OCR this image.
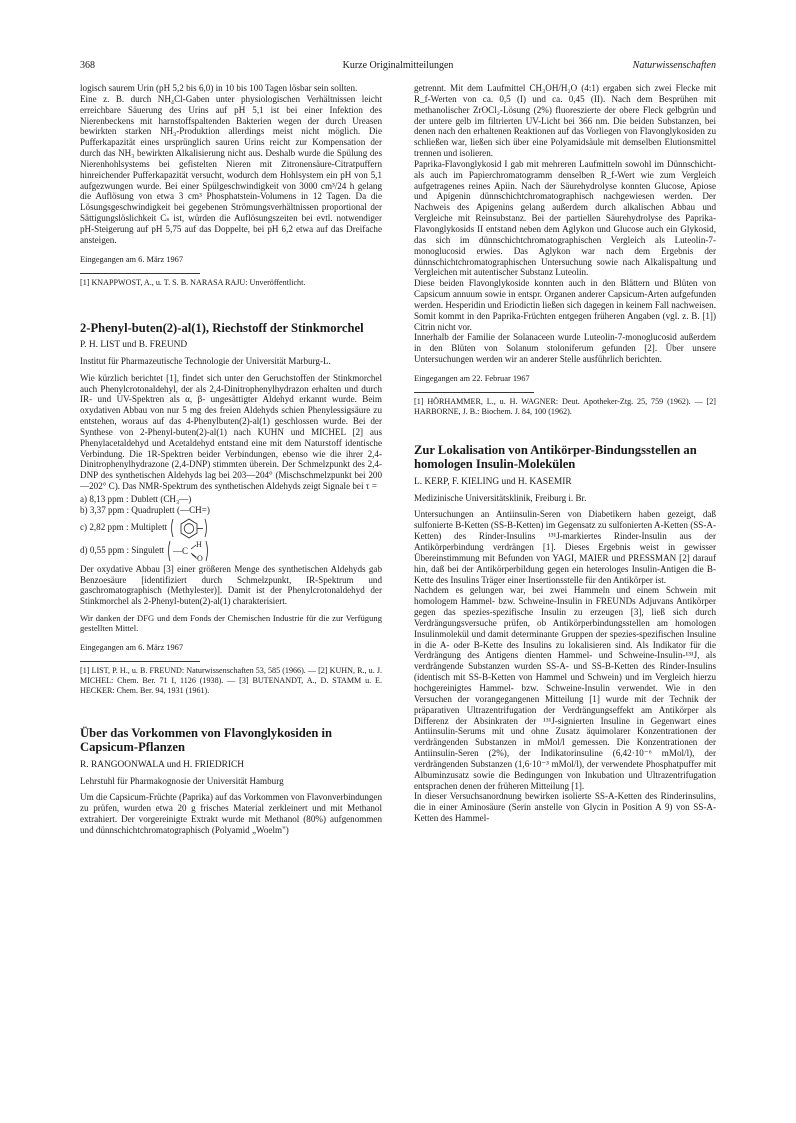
368	Kurze Originalmitteilungen	Naturwissenschaften

logisch saurem Urin (pH 5,2 bis 6,0) in 10 bis 100 Tagen lösbar sein sollten.

Eine z. B. durch NH₄Cl-Gaben unter physiologischen Verhältnissen leicht erreichbare Säuerung des Urins auf pH 5,1 ist bei einer Infektion des Nierenbeckens mit harnstoffspaltenden Bakterien wegen der durch Ureasen bewirkten starken NH₃-Produktion allerdings meist nicht möglich. Die Pufferkapazität eines ursprünglich sauren Urins reicht zur Kompensation der durch das NH₃ bewirkten Alkalisierung nicht aus. Deshalb wurde die Spülung des Nierenhohlsystems bei gefistelten Nieren mit Zitronensäure-Citratpuffern hinreichender Pufferkapazität versucht, wodurch dem Hohlsystem ein pH von 5,1 aufgezwungen wurde. Bei einer Spülgeschwindigkeit von 3000 cm³/24 h gelang die Auflösung von etwa 3 cm³ Phosphatstein-Volumens in 12 Tagen. Da die Lösungsgeschwindigkeit bei gegebenen Strömungsverhältnissen proportional der Sättigungslöslichkeit Cₛ ist, würden die Auflösungszeiten bei evtl. notwendiger pH-Steigerung auf pH 5,75 auf das Doppelte, bei pH 6,2 etwa auf das Dreifache ansteigen.

Eingegangen am 6. März 1967

[1] KNAPPWOST, A., u. T. S. B. NARASA RAJU: Unveröffentlicht.

2-Phenyl-buten(2)-al(1), Riechstoff der Stinkmorchel

P. H. LIST und B. FREUND

Institut für Pharmazeutische Technologie der Universität Marburg-L.

Wie kürzlich berichtet [1], findet sich unter den Geruchstoffen der Stinkmorchel auch Phenylcrotonaldehyl, der als 2,4-Dinitrophenylhydrazon erhalten und durch IR- und UV-Spektren als α, β- ungesättigter Aldehyd erkannt wurde. Beim oxydativen Abbau von nur 5 mg des freien Aldehyds schien Phenylessigsäure zu entstehen, woraus auf das 4-Phenylbuten(2)-al(1) geschlossen wurde. Bei der Synthese von 2-Phenyl-buten(2)-al(1) nach KUHN und MICHEL [2] aus Phenylacetaldehyd und Acetaldehyd entstand eine mit dem Naturstoff identische Verbindung. Die 1R-Spektren beider Verbindungen, ebenso wie die ihrer 2,4-Dinitrophenylhydrazone (2,4-DNP) stimmten überein. Der Schmelzpunkt des 2,4-DNP des synthetischen Aldehyds lag bei 203—204° (Mischschmelzpunkt bei 200—202° C). Das NMR-Spektrum des synthetischen Aldehyds zeigt Signale bei τ =

a) 8,13 ppm : Dublett (CH₃—)

b) 3,37 ppm : Quadruplett (—CH=)

c) 2,82 ppm : Multiplett

d) 0,55 ppm : Singulett —C
H
O

Der oxydative Abbau [3] einer größeren Menge des synthetischen Aldehyds gab Benzoesäure [identifiziert durch Schmelzpunkt, IR-Spektrum und gaschromatographisch (Methylester)]. Damit ist der Phenylcrotonaldehyd der Stinkmorchel als 2-Phenyl-buten(2)-al(1) charakterisiert.

Wir danken der DFG und dem Fonds der Chemischen Industrie für die zur Verfügung gestellten Mittel.

Eingegangen am 6. März 1967

[1] LIST, P. H., u. B. FREUND: Naturwissenschaften 53, 585 (1966). — [2] KUHN, R., u. J. MICHEL: Chem. Ber. 71 I, 1126 (1938). — [3] BUTENANDT, A., D. STAMM u. E. HECKER: Chem. Ber. 94, 1931 (1961).

Über das Vorkommen von Flavonglykosiden in Capsicum-Pflanzen

R. RANGOONWALA und H. FRIEDRICH

Lehrstuhl für Pharmakognosie der Universität Hamburg

Um die Capsicum-Früchte (Paprika) auf das Vorkommen von Flavonverbindungen zu prüfen, wurden etwa 20 g frisches Material zerkleinert und mit Methanol extrahiert. Der vorgereinigte Extrakt wurde mit Methanol (80%) aufgenommen und dünnschichtchromatographisch (Polyamid „Woelm")

getrennt. Mit dem Laufmittel CH₃OH/H₂O (4:1) ergaben sich zwei Flecke mit R_f-Werten von ca. 0,5 (I) und ca. 0,45 (II). Nach dem Besprühen mit methanolischer ZrOCl₂-Lösung (2%) fluoreszierte der obere Fleck gelbgrün und der untere gelb im filtrierten UV-Licht bei 366 nm. Die beiden Substanzen, bei denen nach den erhaltenen Reaktionen auf das Vorliegen von Flavonglykosiden zu schließen war, ließen sich über eine Polyamidsäule mit demselben Elutionsmittel trennen und isolieren.

Paprika-Flavonglykosid I gab mit mehreren Laufmitteln sowohl im Dünnschicht- als auch im Papierchromatogramm denselben R_f-Wert wie zum Vergleich aufgetragenes reines Apiin. Nach der Säurehydrolyse konnten Glucose, Apiose und Apigenin dünnschichtchromatographisch nachgewiesen werden. Der Nachweis des Apigenins gelang außerdem durch alkalischen Abbau und Vergleiche mit Reinsubstanz. Bei der partiellen Säurehydrolyse des Paprika-Flavonglykosids II entstand neben dem Aglykon und Glucose auch ein Glykosid, das sich im dünnschichtchromatographischen Vergleich als Luteolin-7-monoglucosid erwies. Das Aglykon war nach dem Ergebnis der dünnschichtchromatographischen Untersuchung sowie nach Alkalispaltung und Vergleichen mit autentischer Substanz Luteolin.

Diese beiden Flavonglykoside konnten auch in den Blättern und Blüten von Capsicum annuum sowie in entspr. Organen anderer Capsicum-Arten aufgefunden werden. Hesperidin und Eriodictin ließen sich dagegen in keinem Fall nachweisen. Somit kommt in den Paprika-Früchten entgegen früheren Angaben (vgl. z. B. [1]) Citrin nicht vor.

Innerhalb der Familie der Solanaceen wurde Luteolin-7-monoglucosid außerdem in den Blüten von Solanum stoloniferum gefunden [2]. Über unsere Untersuchungen werden wir an anderer Stelle ausführlich berichten.

Eingegangen am 22. Februar 1967

[1] HÖRHAMMER, L., u. H. WAGNER: Deut. Apotheker-Ztg. 25, 759 (1962). — [2] HARBORNE, J. B.: Biochem. J. 84, 100 (1962).

Zur Lokalisation von Antikörper-Bindungsstellen an homologen Insulin-Molekülen

L. KERP, F. KIELING und H. KASEMIR

Medizinische Universitätsklinik, Freiburg i. Br.

Untersuchungen an Antiinsulin-Seren von Diabetikern haben gezeigt, daß sulfonierte B-Ketten (SS-B-Ketten) im Gegensatz zu sulfonierten A-Ketten (SS-A-Ketten) des Rinder-Insulins ¹³¹J-markiertes Rinder-Insulin aus der Antikörperbindung verdrängen [1]. Dieses Ergebnis weist in gewisser Übereinstimmung mit Befunden von YAGI, MAIER und PRESSMAN [2] darauf hin, daß bei der Antikörperbildung gegen ein heterologes Insulin-Antigen die B-Kette des Insulins Träger einer Insertionsstelle für den Antikörper ist.

Nachdem es gelungen war, bei zwei Hammeln und einem Schwein mit homologem Hammel- bzw. Schweine-Insulin in FREUNDs Adjuvans Antikörper gegen das spezies-spezifische Insulin zu erzeugen [3], ließ sich durch Verdrängungsversuche prüfen, ob Antikörperbindungsstellen am homologen Insulinmolekül und damit determinante Gruppen der spezies-spezifischen Insuline in die A- oder B-Kette des Insulins zu lokalisieren sind. Als Indikator für die Verdrängung des Antigens dienten Hammel- und Schweine-Insulin-¹³¹J, als verdrängende Substanzen wurden SS-A- und SS-B-Ketten des Rinder-Insulins (identisch mit SS-B-Ketten von Hammel und Schwein) und im Vergleich hierzu hochgereinigtes Hammel- bzw. Schweine-Insulin verwendet. Wie in den Versuchen der vorangegangenen Mitteilung [1] wurde mit der Technik der präparativen Ultrazentrifugation der Verdrängungseffekt am Antikörper als Differenz der Absinkraten der ¹³¹J-signierten Insuline in Gegenwart eines Antiinsulin-Serums mit und ohne Zusatz äquimolarer Konzentrationen der verdrängenden Substanzen in mMol/l gemessen. Die Konzentrationen der Antiinsulin-Seren (2%), der Indikatorinsuline (6,42·10⁻⁶ mMol/l), der verdrängenden Substanzen (1,6·10⁻³ mMol/l), der verwendete Phosphatpuffer mit Albuminzusatz sowie die Bedingungen von Inkubation und Ultrazentrifugation entsprachen denen der früheren Mitteilung [1].

In dieser Versuchsanordnung bewirken isolierte SS-A-Ketten des Rinderinsulins, die in einer Aminosäure (Serin anstelle von Glycin in Position A 9) von SS-A-Ketten des Hammel-
